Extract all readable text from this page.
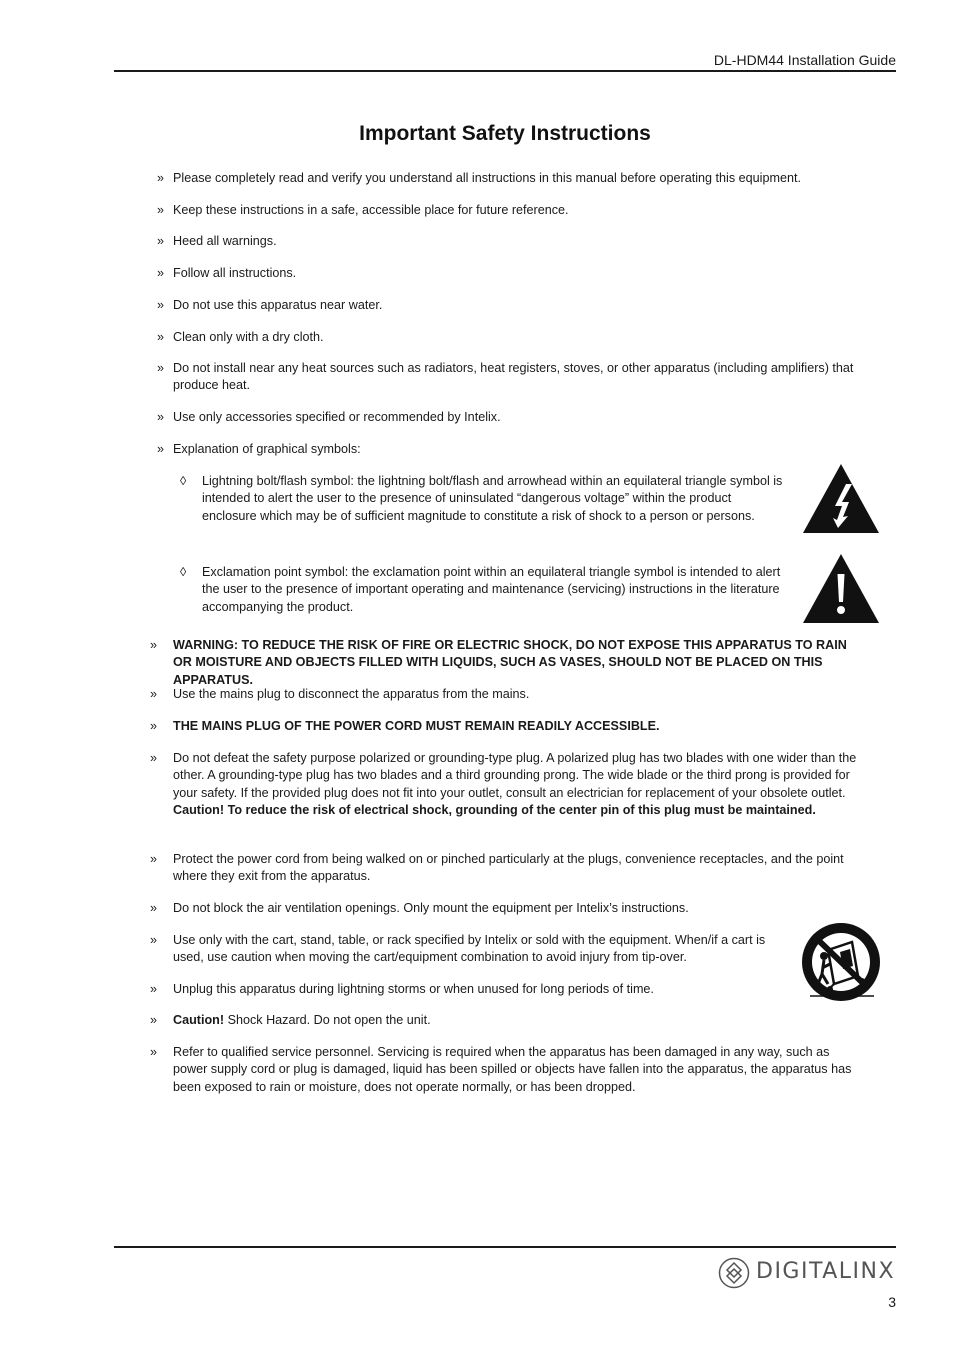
DL-HDM44 Installation Guide
Important Safety Instructions
» Please completely read and verify you understand all instructions in this manual before operating this equipment.
» Keep these instructions in a safe, accessible place for future reference.
» Heed all warnings.
» Follow all instructions.
» Do not use this apparatus near water.
» Clean only with a dry cloth.
» Do not install near any heat sources such as radiators, heat registers, stoves, or other apparatus (including amplifiers) that produce heat.
» Use only accessories specified or recommended by Intelix.
» Explanation of graphical symbols:
◊ Lightning bolt/flash symbol: the lightning bolt/flash and arrowhead within an equilateral triangle symbol is intended to alert the user to the presence of uninsulated “dangerous voltage” within the product enclosure which may be of sufficient magnitude to constitute a risk of shock to a person or persons.
◊ Exclamation point symbol: the exclamation point within an equilateral triangle symbol is intended to alert the user to the presence of important operating and maintenance (servicing) instructions in the literature accompanying the product.
» WARNING: TO REDUCE THE RISK OF FIRE OR ELECTRIC SHOCK, DO NOT EXPOSE THIS APPARATUS TO RAIN OR MOISTURE AND OBJECTS FILLED WITH LIQUIDS, SUCH AS VASES, SHOULD NOT BE PLACED ON THIS APPARATUS.
» Use the mains plug to disconnect the apparatus from the mains.
» THE MAINS PLUG OF THE POWER CORD MUST REMAIN READILY ACCESSIBLE.
» Do not defeat the safety purpose polarized or grounding-type plug. A polarized plug has two blades with one wider than the other. A grounding-type plug has two blades and a third grounding prong. The wide blade or the third prong is provided for your safety. If the provided plug does not fit into your outlet, consult an electrician for replacement of your obsolete outlet. Caution! To reduce the risk of electrical shock, grounding of the center pin of this plug must be maintained.
» Protect the power cord from being walked on or pinched particularly at the plugs, convenience receptacles, and the point where they exit from the apparatus.
» Do not block the air ventilation openings. Only mount the equipment per Intelix’s instructions.
» Use only with the cart, stand, table, or rack specified by Intelix or sold with the equipment. When/if a cart is used, use caution when moving the cart/equipment combination to avoid injury from tip-over.
» Unplug this apparatus during lightning storms or when unused for long periods of time.
» Caution! Shock Hazard. Do not open the unit.
» Refer to qualified service personnel. Servicing is required when the apparatus has been damaged in any way, such as power supply cord or plug is damaged, liquid has been spilled or objects have fallen into the apparatus, the apparatus has been exposed to rain or moisture, does not operate normally, or has been dropped.
DIGITALINX
3
